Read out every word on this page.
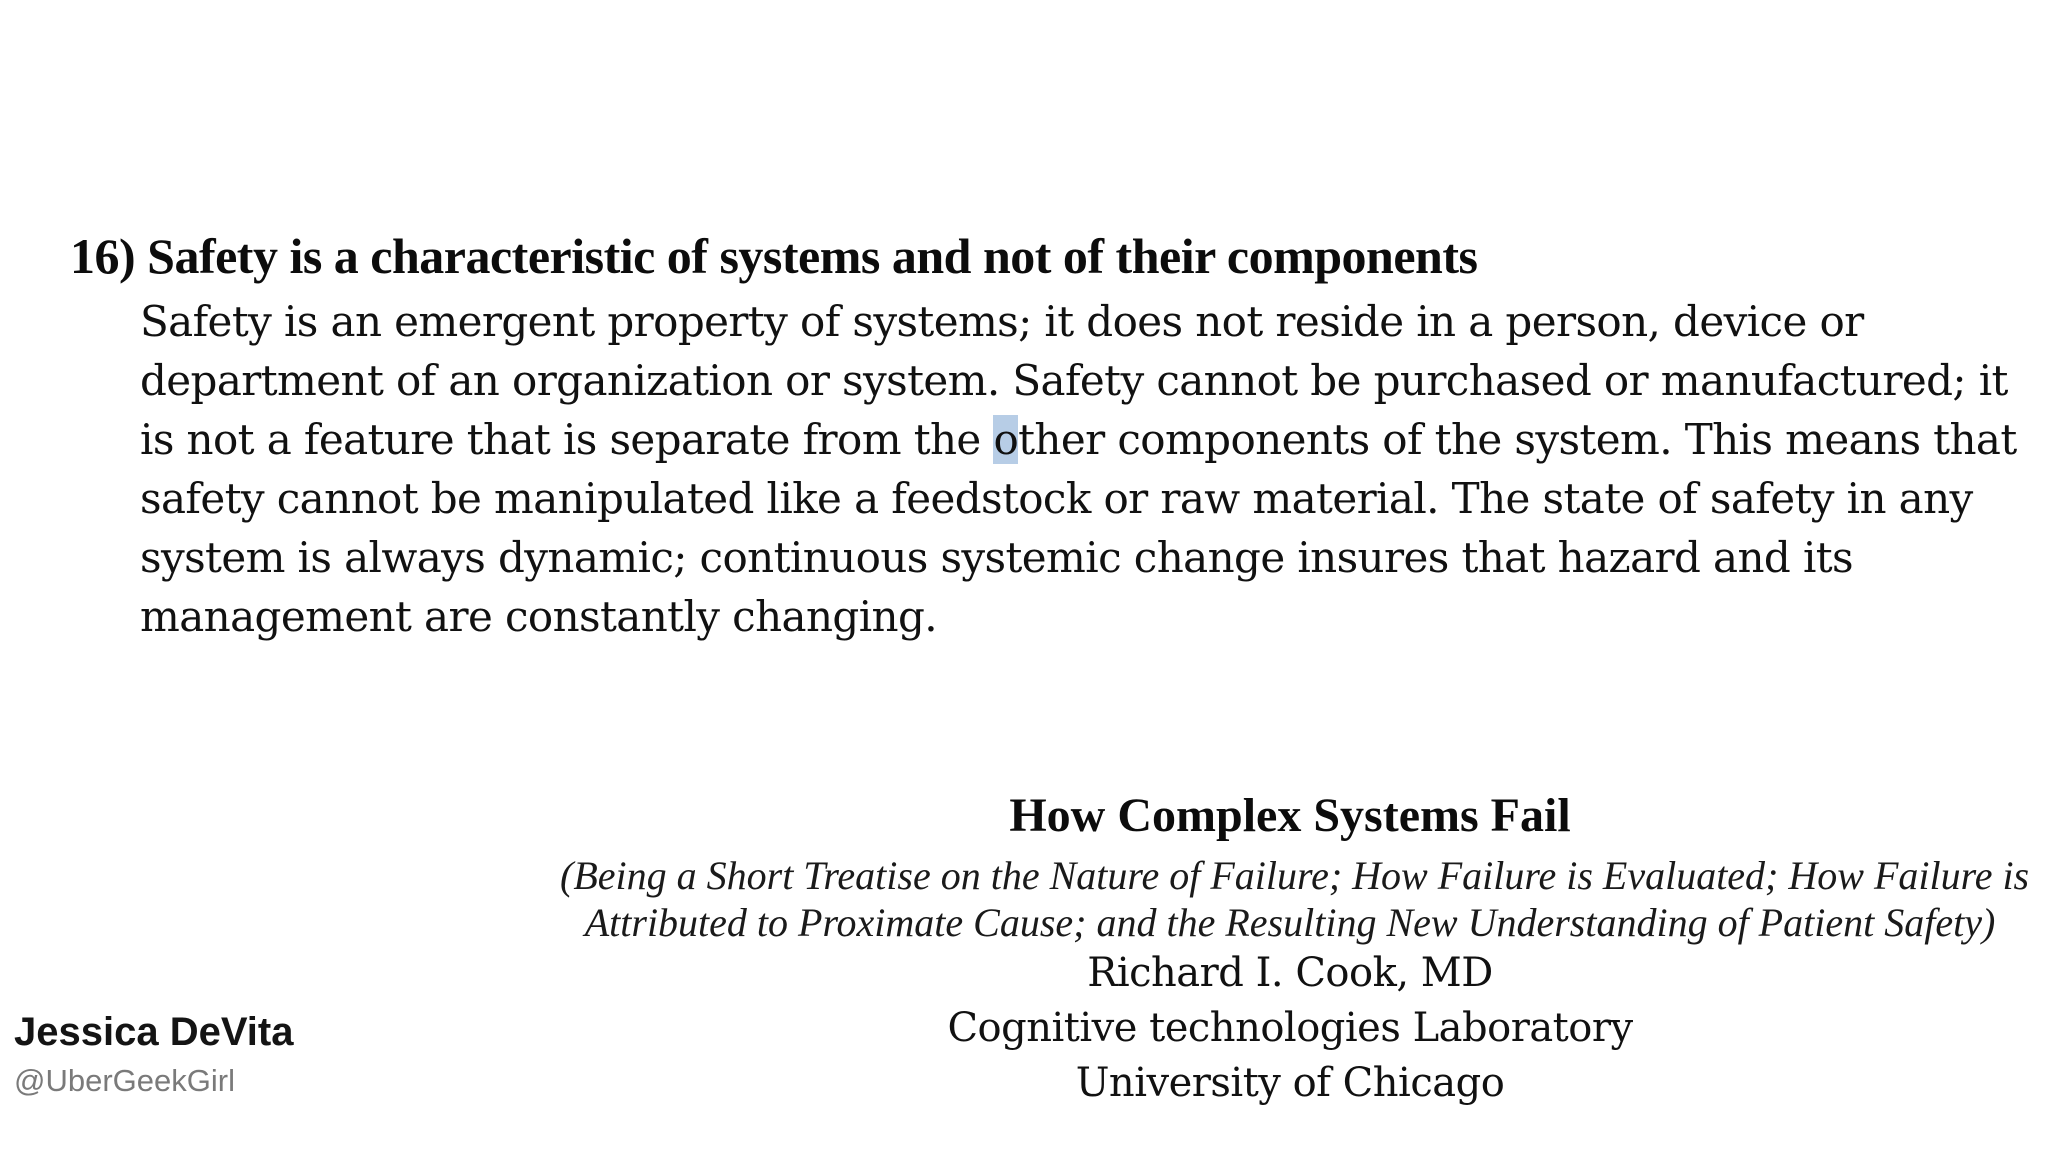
16) Safety is a characteristic of systems and not of their components

Safety is an emergent property of systems; it does not reside in a person, device or
department of an organization or system. Safety cannot be purchased or manufactured; it
is not a feature that is separate from the other components of the system. This means that
safety cannot be manipulated like a feedstock or raw material. The state of safety in any
system is always dynamic; continuous systemic change insures that hazard and its
management are constantly changing.

How Complex Systems Fail
(Being a Short Treatise on the Nature of Failure; How Failure is Evaluated; How Failure is
Attributed to Proximate Cause; and the Resulting New Understanding of Patient Safety)
Richard I. Cook, MD
Cognitive technologies Laboratory
University of Chicago
Jessica DeVita
@UberGeekGirl
